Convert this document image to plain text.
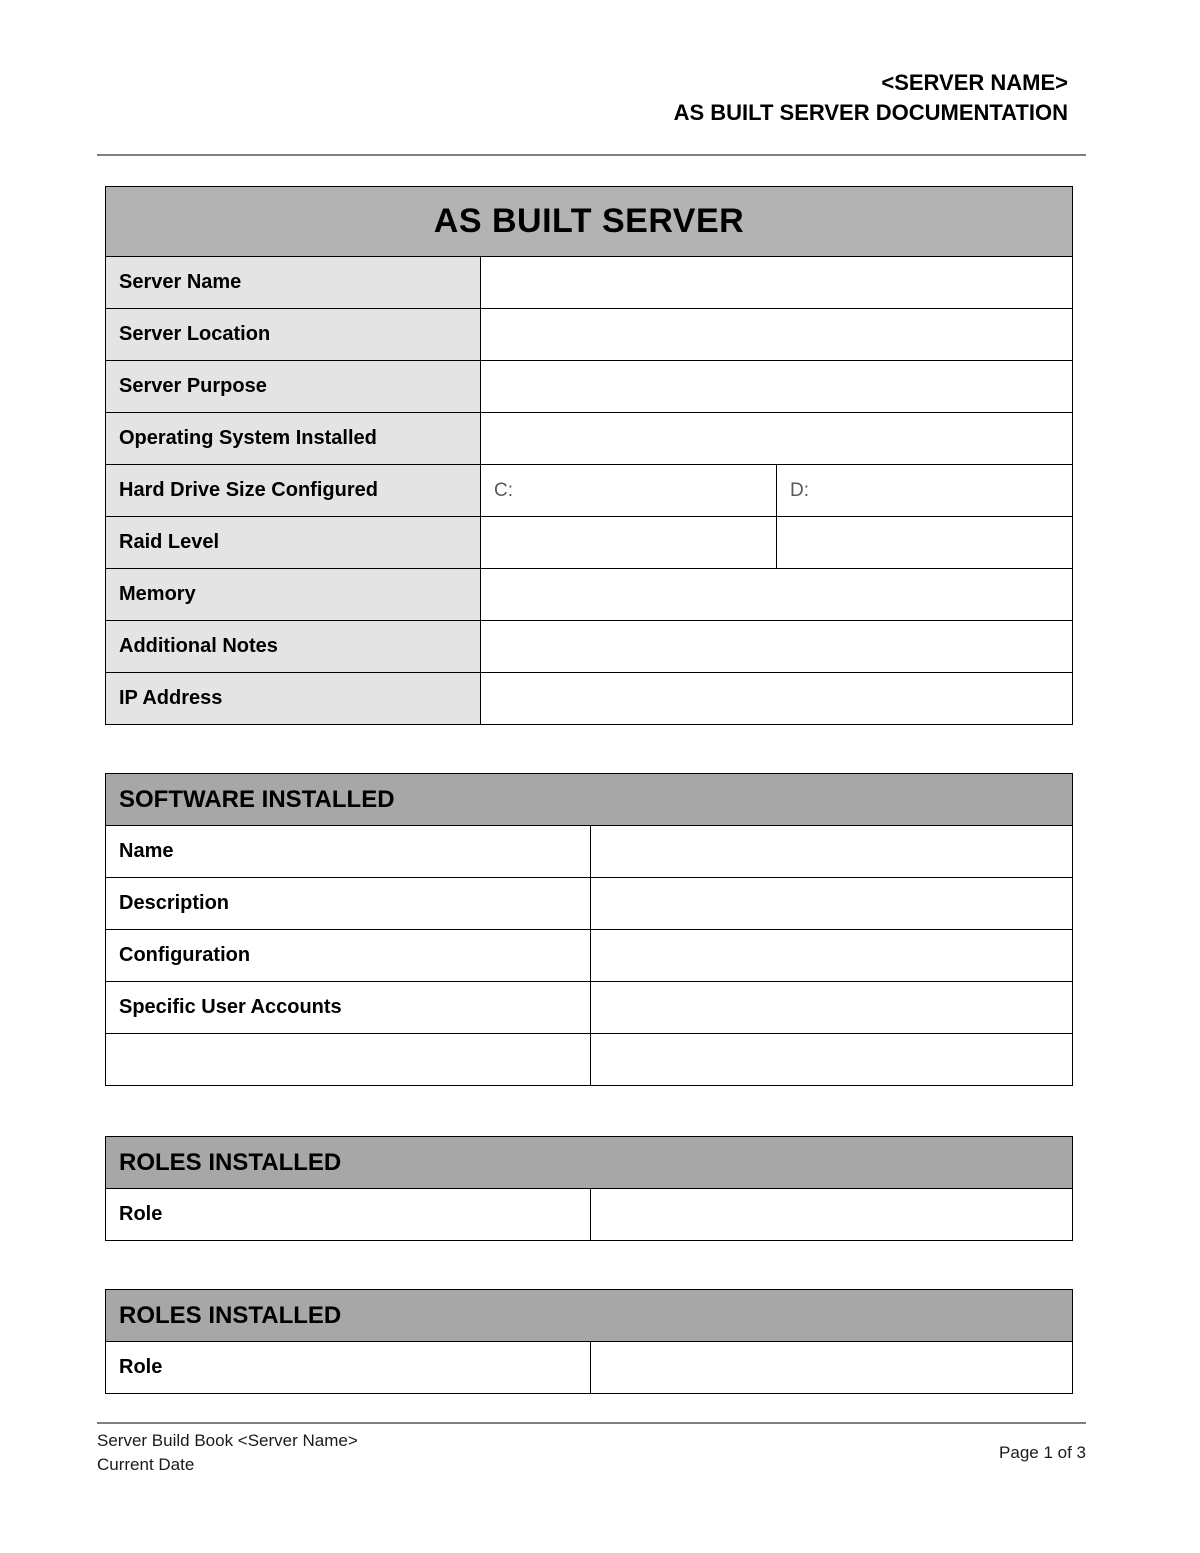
<SERVER NAME>
AS BUILT SERVER DOCUMENTATION
AS BUILT SERVER		
Server Name		
Server Location		
Server Purpose		
Operating System Installed		
Hard Drive Size Configured	C:	D:
Raid Level		
Memory		
Additional Notes		
IP Address		
SOFTWARE INSTALLED	
Name	
Description	
Configuration	
Specific User Accounts	

ROLES INSTALLED
Role	
ROLES INSTALLED
Role	
Server Build Book <Server Name>
Current Date
Page 1 of 3
